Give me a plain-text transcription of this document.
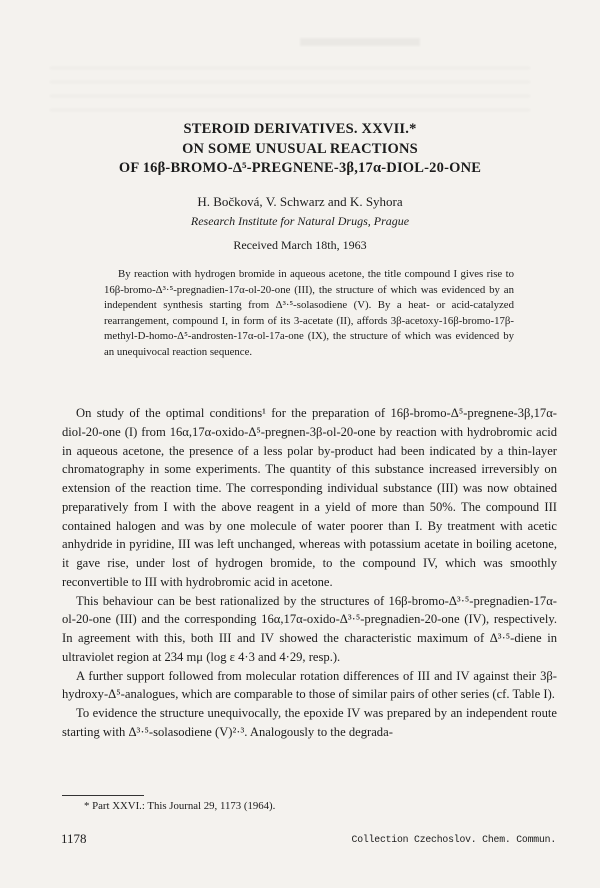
STEROID DERIVATIVES. XXVII.*
ON SOME UNUSUAL REACTIONS
OF 16β-BROMO-Δ⁵-PREGNENE-3β,17α-DIOL-20-ONE
H. Bočková, V. Schwarz and K. Syhora
Research Institute for Natural Drugs, Prague
Received March 18th, 1963

By reaction with hydrogen bromide in aqueous acetone, the title compound I gives rise to 16β-bromo-Δ³·⁵-pregnadien-17α-ol-20-one (III), the structure of which was evidenced by an independent synthesis starting from Δ³·⁵-solasodiene (V). By a heat- or acid-catalyzed rearrangement, compound I, in form of its 3-acetate (II), affords 3β-acetoxy-16β-bromo-17β-methyl-D-homo-Δ⁵-androsten-17α-ol-17a-one (IX), the structure of which was evidenced by an unequivocal reaction sequence.

On study of the optimal conditions¹ for the preparation of 16β-bromo-Δ⁵-pregnene-3β,17α-diol-20-one (I) from 16α,17α-oxido-Δ⁵-pregnen-3β-ol-20-one by reaction with hydrobromic acid in aqueous acetone, the presence of a less polar by-product had been indicated by a thin-layer chromatography in some experiments. The quantity of this substance increased irreversibly on extension of the reaction time. The corresponding individual substance (III) was now obtained preparatively from I with the above reagent in a yield of more than 50%. The compound III contained halogen and was by one molecule of water poorer than I. By treatment with acetic anhydride in pyridine, III was left unchanged, whereas with potassium acetate in boiling acetone, it gave rise, under lost of hydrogen bromide, to the compound IV, which was smoothly reconvertible to III with hydrobromic acid in acetone.

This behaviour can be best rationalized by the structures of 16β-bromo-Δ³·⁵-pregnadien-17α-ol-20-one (III) and the corresponding 16α,17α-oxido-Δ³·⁵-pregnadien-20-one (IV), respectively. In agreement with this, both III and IV showed the characteristic maximum of Δ³·⁵-diene in ultraviolet region at 234 mμ (log ε 4·3 and 4·29, resp.).

A further support followed from molecular rotation differences of III and IV against their 3β-hydroxy-Δ⁵-analogues, which are comparable to those of similar pairs of other series (cf. Table I).

To evidence the structure unequivocally, the epoxide IV was prepared by an independent route starting with Δ³·⁵-solasodiene (V)²·³. Analogously to the degrada-

* Part XXVI.: This Journal 29, 1173 (1964).
1178	Collection Czechoslov. Chem. Commun.
